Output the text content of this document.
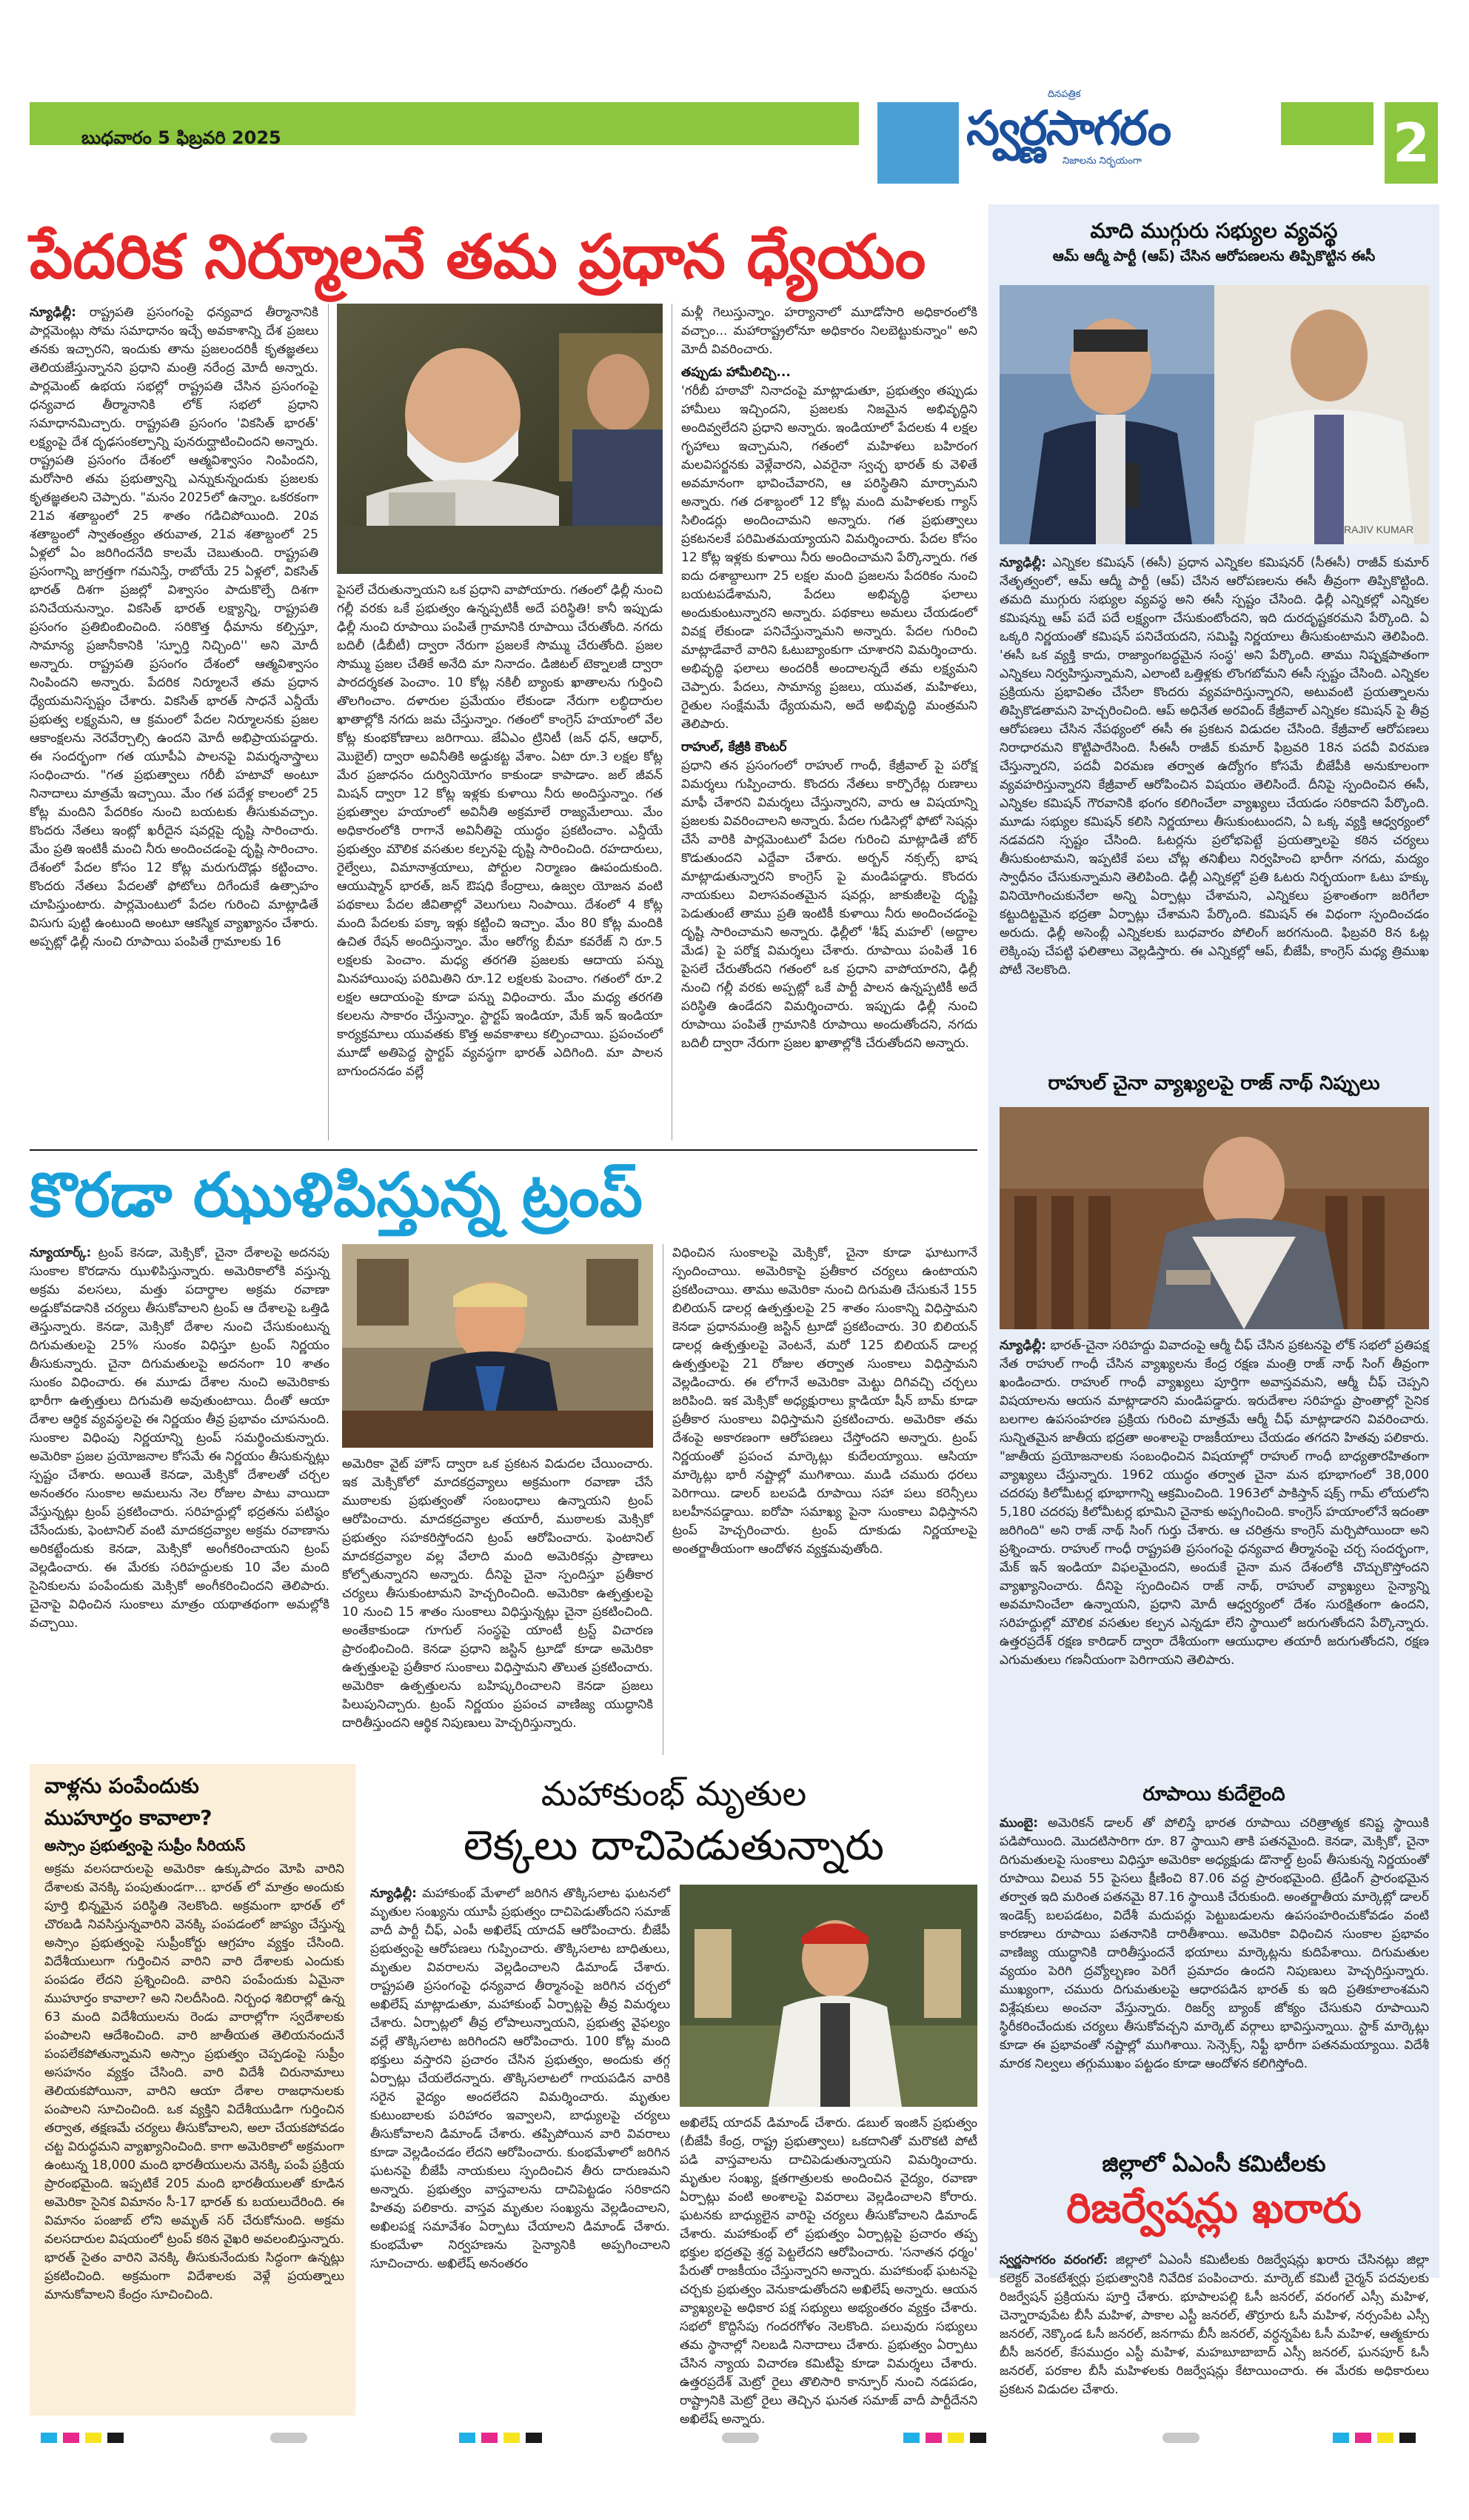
బుధవారం 5 ఫిబ్రవరి 2025
దినపత్రిక
స్వర్ణసాగరం
నిజాలను నిర్భయంగా	2
పేదరిక నిర్మూలనే తమ ప్రధాన ధ్యేయం
న్యూఢిల్లీ: రాష్ట్రపతి ప్రసంగంపై ధన్యవాద తీర్మానానికి పార్లమెంట్లు సోమ సమాధానం ఇచ్చే అవకాశాన్ని దేశ ప్రజలు తనకు ఇచ్చారని, ఇందుకు తాను ప్రజలందరికీ కృతజ్ఞతలు తెలియజేస్తున్నానని ప్రధాని మంత్రి నరేంద్ర మోదీ అన్నారు. పార్లమెంట్ ఉభయ సభల్లో రాష్ట్రపతి చేసిన ప్రసంగంపై ధన్యవాద తీర్మానానికి లోక్ సభలో ప్రధాని సమాధానమిచ్చారు. రాష్ట్రపతి ప్రసంగం 'వికసిత్ భారత్' లక్ష్యంపై దేశ దృఢసంకల్పాన్ని పునరుద్ఘాటించిందని అన్నారు. రాష్ట్రపతి ప్రసంగం దేశంలో ఆత్మవిశ్వాసం నింపిందని, మరోసారి తమ ప్రభుత్వాన్ని ఎన్నుకున్నందుకు ప్రజలకు కృతజ్ఞతలని చెప్పారు. "మనం 2025లో ఉన్నాం. ఒకరకంగా 21వ శతాబ్దంలో 25 శాతం గడిచిపోయింది. 20వ శతాబ్దంలో స్వాతంత్ర్యం తరువాత, 21వ శతాబ్దంలో 25 ఏళ్లలో ఏం జరిగిందనేది కాలమే చెబుతుంది. రాష్ట్రపతి ప్రసంగాన్ని జాగ్రత్తగా గమనిస్తే, రాబోయే 25 ఏళ్లలో, వికసిత్ భారత్ దిశగా ప్రజల్లో విశ్వాసం పాదుకొల్పే దిశగా పనిచేయనున్నాం. వికసిత్ భారత్ లక్ష్యాన్ని, రాష్ట్రపతి ప్రసంగం ప్రతిబింబించింది. సరికొత్త ధీమాను కల్పిస్తూ, సామాన్య ప్రజానీకానికి 'స్ఫూర్తి నిచ్చింది'' అని మోదీ అన్నారు. రాష్ట్రపతి ప్రసంగం దేశంలో ఆత్మవిశ్వాసం నింపిందని అన్నారు. పేదరిక నిర్మూలనే తమ ప్రధాన ధ్యేయమనిస్పష్టం చేశారు. వికసిత్ భారత్ సాధనే ఎన్డీయే ప్రభుత్వ లక్ష్యమని, ఆ క్రమంలో పేదల నిర్మూలనకు ప్రజల ఆకాంక్షలను నెరవేర్చాల్సి ఉందని మోదీ అభిప్రాయపడ్డారు. ఈ సందర్భంగా గత యూపీఏ పాలనపై విమర్శనాస్త్రాలు సంధించారు. "గత ప్రభుత్వాలు గరీబీ హటావో అంటూ నినాదాలు మాత్రమే ఇచ్చాయి. మేం గత పదేళ్ల కాలంలో 25 కోట్ల మందిని పేదరికం నుంచి బయటకు తీసుకువచ్చాం. కొందరు నేతలు ఇంట్లో ఖరీదైన షవర్లపై దృష్టి సారించారు. మేం ప్రతి ఇంటికీ మంచి నీరు అందించడంపై దృష్టి సారించాం. దేశంలో పేదల కోసం 12 కోట్ల మరుగుదొడ్లు కట్టించాం. కొందరు నేతలు పేదలతో ఫోటోలు దిగేందుకే ఉత్సాహం చూపిస్తుంటారు. పార్లమెంటులో పేదల గురించి మాట్లాడితే విసుగు పుట్టి ఉంటుంది అంటూ ఆకస్మిక వ్యాఖ్యానం చేశారు. అప్పట్లో ఢిల్లీ నుంచి రూపాయి పంపితే గ్రామాలకు 16
పైసలే చేరుతున్నాయని ఒక ప్రధాని వాపోయారు. గతంలో ఢిల్లీ నుంచి గల్లీ వరకు ఒకే ప్రభుత్వం ఉన్నప్పటికీ అదే పరిస్థితి! కానీ ఇప్పుడు ఢిల్లీ నుంచి రూపాయి పంపితే గ్రామానికి రూపాయి చేరుతోంది. నగదు బదిలీ (డీబీటీ) ద్వారా నేరుగా ప్రజలకే సొమ్ము చేరుతోంది. ప్రజల సొమ్ము ప్రజల చేతికే అనేది మా నినాదం. డిజిటల్ టెక్నాలజీ ద్వారా పారదర్శకత పెంచాం. 10 కోట్ల నకిలీ బ్యాంకు ఖాతాలను గుర్తించి తొలగించాం. దళారుల ప్రమేయం లేకుండా నేరుగా లబ్ధిదారుల ఖాతాల్లోకి నగదు జమ చేస్తున్నాం. గతంలో కాంగ్రెస్ హయాంలో వేల కోట్ల కుంభకోణాలు జరిగాయి. జేఏఎం ట్రినిటీ (జన్ ధన్, ఆధార్, మొబైల్) ద్వారా అవినీతికి అడ్డుకట్ట వేశాం. ఏటా రూ.3 లక్షల కోట్ల మేర ప్రజాధనం దుర్వినియోగం కాకుండా కాపాడాం. జల్ జీవన్ మిషన్ ద్వారా 12 కోట్ల ఇళ్లకు కుళాయి నీరు అందిస్తున్నాం. గత ప్రభుత్వాల హయాంలో అవినీతి అక్రమాలే రాజ్యమేలాయి. మేం అధికారంలోకి రాగానే అవినీతిపై యుద్ధం ప్రకటించాం. ఎన్డీయే ప్రభుత్వం మౌలిక వసతుల కల్పనపై దృష్టి సారించింది. రహదారులు, రైల్వేలు, విమానాశ్రయాలు, పోర్టుల నిర్మాణం ఊపందుకుంది. ఆయుష్మాన్ భారత్, జన్ ఔషధి కేంద్రాలు, ఉజ్వల యోజన వంటి పథకాలు పేదల జీవితాల్లో వెలుగులు నింపాయి. దేశంలో 4 కోట్ల మంది పేదలకు పక్కా ఇళ్లు కట్టించి ఇచ్చాం. మేం 80 కోట్ల మందికి ఉచిత రేషన్ అందిస్తున్నాం. మేం ఆరోగ్య బీమా కవరేజ్ ని రూ.5 లక్షలకు పెంచాం. మధ్య తరగతి ప్రజలకు ఆదాయ పన్ను మినహాయింపు పరిమితిని రూ.12 లక్షలకు పెంచాం. గతంలో రూ.2 లక్షల ఆదాయంపై కూడా పన్ను విధించారు. మేం మధ్య తరగతి కలలను సాకారం చేస్తున్నాం. స్టార్టప్ ఇండియా, మేక్ ఇన్ ఇండియా కార్యక్రమాలు యువతకు కొత్త అవకాశాలు కల్పించాయి. ప్రపంచంలో మూడో అతిపెద్ద స్టార్టప్ వ్యవస్థగా భారత్ ఎదిగింది. మా పాలన బాగుందనడం వల్లే
మళ్లీ గెలుస్తున్నాం. హర్యానాలో మూడోసారి అధికారంలోకి వచ్చాం... మహారాష్ట్రలోనూ అధికారం నిలబెట్టుకున్నాం" అని మోదీ వివరించారు.
తప్పుడు హామీలిచ్చి...
'గరీబీ హఠావో' నినాదంపై మాట్లాడుతూ, ప్రభుత్వం తప్పుడు హామీలు ఇచ్చిందని, ప్రజలకు నిజమైన అభివృద్ధిని అందివ్వలేదని ప్రధాని అన్నారు. ఇండియాలో పేదలకు 4 లక్షల గృహాలు ఇచ్చామని, గతంలో మహిళలు బహిరంగ మలవిసర్జనకు వెళ్లేవారని, ఎవరైనా స్వచ్ఛ భారత్ కు వెళితే అవమానంగా భావించేవారని, ఆ పరిస్థితిని మార్చామని అన్నారు. గత దశాబ్దంలో 12 కోట్ల మంది మహిళలకు గ్యాస్ సిలిండర్లు అందించామని అన్నారు. గత ప్రభుత్వాలు ప్రకటనలకే పరిమితమయ్యాయని విమర్శించారు. పేదల కోసం 12 కోట్ల ఇళ్లకు కుళాయి నీరు అందించామని పేర్కొన్నారు. గత ఐదు దశాబ్దాలుగా 25 లక్షల మంది ప్రజలను పేదరికం నుంచి బయటపడేశామని, పేదలు అభివృద్ధి ఫలాలు అందుకుంటున్నారని అన్నారు. పథకాలు అమలు చేయడంలో వివక్ష లేకుండా పనిచేస్తున్నామని అన్నారు. పేదల గురించి మాట్లాడేవారే వారిని ఓటుబ్యాంకుగా చూశారని విమర్శించారు. అభివృద్ధి ఫలాలు అందరికీ అందాలన్నదే తమ లక్ష్యమని చెప్పారు. పేదలు, సామాన్య ప్రజలు, యువత, మహిళలు, రైతుల సంక్షేమమే ధ్యేయమని, అదే అభివృద్ధి మంత్రమని తెలిపారు.
రాహుల్, కేజ్రీకి కౌంటర్
ప్రధాని తన ప్రసంగంలో రాహుల్ గాంధీ, కేజ్రీవాల్ పై పరోక్ష విమర్శలు గుప్పించారు. కొందరు నేతలు కార్పొరేట్ల రుణాలు మాఫీ చేశారని విమర్శలు చేస్తున్నారని, వారు ఆ విషయాన్ని ప్రజలకు వివరించాలని అన్నారు. పేదల గుడిసెల్లో ఫోటో సెషన్లు చేసే వారికి పార్లమెంటులో పేదల గురించి మాట్లాడితే బోర్ కొడుతుందని ఎద్దేవా చేశారు. అర్బన్ నక్సల్స్ భాష మాట్లాడుతున్నారని కాంగ్రెస్ పై మండిపడ్డారు. కొందరు నాయకులు విలాసవంతమైన షవర్లు, జాకుజీలపై దృష్టి పెడుతుంటే తాము ప్రతి ఇంటికీ కుళాయి నీరు అందించడంపై దృష్టి సారించామని అన్నారు. ఢిల్లీలో 'శీష్ మహల్' (అద్దాల మేడ) పై పరోక్ష విమర్శలు చేశారు. రూపాయి పంపితే 16 పైసలే చేరుతోందని గతంలో ఒక ప్రధాని వాపోయారని, ఢిల్లీ నుంచి గల్లీ వరకు అప్పట్లో ఒకే పార్టీ పాలన ఉన్నప్పటికీ అదే పరిస్థితి ఉండేదని విమర్శించారు. ఇప్పుడు ఢిల్లీ నుంచి రూపాయి పంపితే గ్రామానికి రూపాయి అందుతోందని, నగదు బదిలీ ద్వారా నేరుగా ప్రజల ఖాతాల్లోకి చేరుతోందని అన్నారు.
మాది ముగ్గురు సభ్యుల వ్యవస్థ
ఆమ్ ఆద్మీ పార్టీ (ఆప్) చేసిన ఆరోపణలను తిప్పికొట్టిన ఈసీ
RAJIV KUMAR
న్యూఢిల్లీ: ఎన్నికల కమిషన్ (ఈసీ) ప్రధాన ఎన్నికల కమిషనర్ (సీఈసీ) రాజీవ్ కుమార్ నేతృత్వంలో, ఆమ్ ఆద్మీ పార్టీ (ఆప్) చేసిన ఆరోపణలను ఈసీ తీవ్రంగా తిప్పికొట్టింది. తమది ముగ్గురు సభ్యుల వ్యవస్థ అని ఈసీ స్పష్టం చేసింది. ఢిల్లీ ఎన్నికల్లో ఎన్నికల కమిషన్ను ఆప్ పదే పదే లక్ష్యంగా చేసుకుంటోందని, ఇది దురదృష్టకరమని పేర్కొంది. ఏ ఒక్కరి నిర్ణయంతో కమిషన్ పనిచేయదని, సమిష్టి నిర్ణయాలు తీసుకుంటామని తెలిపింది. 'ఈసీ ఒక వ్యక్తి కాదు, రాజ్యాంగబద్ధమైన సంస్థ' అని పేర్కొంది. తాము నిష్పక్షపాతంగా ఎన్నికలు నిర్వహిస్తున్నామని, ఎలాంటి ఒత్తిళ్లకు లొంగబోమని ఈసీ స్పష్టం చేసింది. ఎన్నికల ప్రక్రియను ప్రభావితం చేసేలా కొందరు వ్యవహరిస్తున్నారని, అటువంటి ప్రయత్నాలను తిప్పికొడతామని హెచ్చరించింది. ఆప్ అధినేత అరవింద్ కేజ్రీవాల్ ఎన్నికల కమిషన్ పై తీవ్ర ఆరోపణలు చేసిన నేపథ్యంలో ఈసీ ఈ ప్రకటన విడుదల చేసింది. కేజ్రీవాల్ ఆరోపణలు నిరాధారమని కొట్టిపారేసింది. సీఈసీ రాజీవ్ కుమార్ ఫిబ్రవరి 18న పదవీ విరమణ చేస్తున్నారని, పదవీ విరమణ తర్వాత ఉద్యోగం కోసమే బీజేపీకి అనుకూలంగా వ్యవహరిస్తున్నారని కేజ్రీవాల్ ఆరోపించిన విషయం తెలిసిందే. దీనిపై స్పందించిన ఈసీ, ఎన్నికల కమిషన్ గౌరవానికి భంగం కలిగించేలా వ్యాఖ్యలు చేయడం సరికాదని పేర్కొంది. మూడు సభ్యుల కమిషన్ కలిసి నిర్ణయాలు తీసుకుంటుందని, ఏ ఒక్క వ్యక్తి ఆధ్వర్యంలో నడవదని స్పష్టం చేసింది. ఓటర్లను ప్రలోభపెట్టే ప్రయత్నాలపై కఠిన చర్యలు తీసుకుంటామని, ఇప్పటికే పలు చోట్ల తనిఖీలు నిర్వహించి భారీగా నగదు, మద్యం స్వాధీనం చేసుకున్నామని తెలిపింది. ఢిల్లీ ఎన్నికల్లో ప్రతి ఓటరు నిర్భయంగా ఓటు హక్కు వినియోగించుకునేలా అన్ని ఏర్పాట్లు చేశామని, ఎన్నికలు ప్రశాంతంగా జరిగేలా కట్టుదిట్టమైన భద్రతా ఏర్పాట్లు చేశామని పేర్కొంది. కమిషన్ ఈ విధంగా స్పందించడం అరుదు. ఢిల్లీ అసెంబ్లీ ఎన్నికలకు బుధవారం పోలింగ్ జరగనుంది. ఫిబ్రవరి 8న ఓట్ల లెక్కింపు చేపట్టి ఫలితాలు వెల్లడిస్తారు. ఈ ఎన్నికల్లో ఆప్, బీజేపీ, కాంగ్రెస్ మధ్య త్రిముఖ పోటీ నెలకొంది.
రాహుల్ చైనా వ్యాఖ్యలపై రాజ్ నాథ్ నిప్పులు
న్యూఢిల్లీ: భారత్-చైనా సరిహద్దు వివాదంపై ఆర్మీ చీఫ్ చేసిన ప్రకటనపై లోక్ సభలో ప్రతిపక్ష నేత రాహుల్ గాంధీ చేసిన వ్యాఖ్యలను కేంద్ర రక్షణ మంత్రి రాజ్ నాథ్ సింగ్ తీవ్రంగా ఖండించారు. రాహుల్ గాంధీ వ్యాఖ్యలు పూర్తిగా అవాస్తవమని, ఆర్మీ చీఫ్ చెప్పని విషయాలను ఆయన మాట్లాడారని మండిపడ్డారు. ఇరుదేశాల సరిహద్దు ప్రాంతాల్లో సైనిక బలగాల ఉపసంహరణ ప్రక్రియ గురించి మాత్రమే ఆర్మీ చీఫ్ మాట్లాడారని వివరించారు. సున్నితమైన జాతీయ భద్రతా అంశాలపై రాజకీయాలు చేయడం తగదని హితవు పలికారు. "జాతీయ ప్రయోజనాలకు సంబంధించిన విషయాల్లో రాహుల్ గాంధీ బాధ్యతారహితంగా వ్యాఖ్యలు చేస్తున్నారు. 1962 యుద్ధం తర్వాత చైనా మన భూభాగంలో 38,000 చదరపు కిలోమీటర్ల భూభాగాన్ని ఆక్రమించింది. 1963లో పాకిస్తాన్ షక్స్ గామ్ లోయలోని 5,180 చదరపు కిలోమీటర్ల భూమిని చైనాకు అప్పగించింది. కాంగ్రెస్ హయాంలోనే ఇదంతా జరిగింది" అని రాజ్ నాథ్ సింగ్ గుర్తు చేశారు. ఆ చరిత్రను కాంగ్రెస్ మర్చిపోయిందా అని ప్రశ్నించారు. రాహుల్ గాంధీ రాష్ట్రపతి ప్రసంగంపై ధన్యవాద తీర్మానంపై చర్చ సందర్భంగా, మేక్ ఇన్ ఇండియా విఫలమైందని, అందుకే చైనా మన దేశంలోకి చొచ్చుకొస్తోందని వ్యాఖ్యానించారు. దీనిపై స్పందించిన రాజ్ నాథ్, రాహుల్ వ్యాఖ్యలు సైన్యాన్ని అవమానించేలా ఉన్నాయని, ప్రధాని మోదీ ఆధ్వర్యంలో దేశం సురక్షితంగా ఉందని, సరిహద్దుల్లో మౌలిక వసతుల కల్పన ఎన్నడూ లేని స్థాయిలో జరుగుతోందని పేర్కొన్నారు. ఉత్తరప్రదేశ్ రక్షణ కారిడార్ ద్వారా దేశీయంగా ఆయుధాల తయారీ జరుగుతోందని, రక్షణ ఎగుమతులు గణనీయంగా పెరిగాయని తెలిపారు.
రూపాయి కుదేలైంది
ముంబై: అమెరికన్ డాలర్ తో పోలిస్తే భారత రూపాయి చరిత్రాత్మక కనిష్ట స్థాయికి పడిపోయింది. మొదటిసారిగా రూ. 87 స్థాయిని తాకి పతనమైంది. కెనడా, మెక్సికో, చైనా దిగుమతులపై సుంకాలు విధిస్తూ అమెరికా అధ్యక్షుడు డొనాల్డ్ ట్రంప్ తీసుకున్న నిర్ణయంతో రూపాయి విలువ 55 పైసలు క్షీణించి 87.06 వద్ద ప్రారంభమైంది. ట్రేడింగ్ ప్రారంభమైన తర్వాత ఇది మరింత పతనమై 87.16 స్థాయికి చేరుకుంది. అంతర్జాతీయ మార్కెట్లో డాలర్ ఇండెక్స్ బలపడటం, విదేశీ మదుపర్లు పెట్టుబడులను ఉపసంహరించుకోవడం వంటి కారణాలు రూపాయి పతనానికి దారితీశాయి. అమెరికా విధించిన సుంకాల ప్రభావం వాణిజ్య యుద్ధానికి దారితీస్తుందనే భయాలు మార్కెట్లను కుదిపేశాయి. దిగుమతుల వ్యయం పెరిగి ద్రవ్యోల్బణం పెరిగే ప్రమాదం ఉందని నిపుణులు హెచ్చరిస్తున్నారు. ముఖ్యంగా, చమురు దిగుమతులపై ఆధారపడిన భారత్ కు ఇది ప్రతికూలాంశమని విశ్లేషకులు అంచనా వేస్తున్నారు. రిజర్వ్ బ్యాంక్ జోక్యం చేసుకుని రూపాయిని స్థిరీకరించేందుకు చర్యలు తీసుకోవచ్చని మార్కెట్ వర్గాలు భావిస్తున్నాయి. స్టాక్ మార్కెట్లు కూడా ఈ ప్రభావంతో నష్టాల్లో ముగిశాయి. సెన్సెక్స్, నిఫ్టీ భారీగా పతనమయ్యాయి. విదేశీ మారక నిల్వలు తగ్గుముఖం పట్టడం కూడా ఆందోళన కలిగిస్తోంది.
జిల్లాలో ఏఎంసీ కమిటీలకు
రిజర్వేషన్లు ఖరారు
స్వర్ణసాగరం వరంగల్: జిల్లాలో ఏఎంసీ కమిటీలకు రిజర్వేషన్లు ఖరారు చేసినట్లు జిల్లా కలెక్టర్ వెంకటేశ్వర్లు ప్రభుత్వానికి నివేదిక పంపించారు. మార్కెట్ కమిటీ చైర్మన్ పదవులకు రిజర్వేషన్ ప్రక్రియను పూర్తి చేశారు. భూపాలపల్లి ఓసీ జనరల్, వరంగల్ ఎస్సీ మహిళ, చెన్నారావుపేట బీసీ మహిళ, పాకాల ఎస్టీ జనరల్, తొర్రూరు ఓసీ మహిళ, నర్సంపేట ఎస్సీ జనరల్, నెక్కొండ ఓసీ జనరల్, జనగామ బీసీ జనరల్, వర్ధన్నపేట ఓసీ మహిళ, ఆత్మకూరు బీసీ జనరల్, కేసముద్రం ఎస్టీ మహిళ, మహబూబాబాద్ ఎస్సీ జనరల్, ఘనపూర్ ఓసీ జనరల్, పరకాల బీసీ మహిళలకు రిజర్వేషన్లు కేటాయించారు. ఈ మేరకు అధికారులు ప్రకటన విడుదల చేశారు.
కొరడా ఝుళిపిస్తున్న ట్రంప్
న్యూయార్క్: ట్రంప్ కెనడా, మెక్సికో, చైనా దేశాలపై అదనపు సుంకాల కొరడాను ఝుళిపిస్తున్నారు. అమెరికాలోకి వస్తున్న అక్రమ వలసలు, మత్తు పదార్థాల అక్రమ రవాణా అడ్డుకోవడానికి చర్యలు తీసుకోవాలని ట్రంప్ ఆ దేశాలపై ఒత్తిడి తెస్తున్నారు. కెనడా, మెక్సికో దేశాల నుంచి చేసుకుంటున్న దిగుమతులపై 25% సుంకం విధిస్తూ ట్రంప్ నిర్ణయం తీసుకున్నారు. చైనా దిగుమతులపై అదనంగా 10 శాతం సుంకం విధించారు. ఈ మూడు దేశాల నుంచి అమెరికాకు భారీగా ఉత్పత్తులు దిగుమతి అవుతుంటాయి. దీంతో ఆయా దేశాల ఆర్థిక వ్యవస్థలపై ఈ నిర్ణయం తీవ్ర ప్రభావం చూపనుంది. సుంకాల విధింపు నిర్ణయాన్ని ట్రంప్ సమర్థించుకున్నారు. అమెరికా ప్రజల ప్రయోజనాల కోసమే ఈ నిర్ణయం తీసుకున్నట్లు స్పష్టం చేశారు. అయితే కెనడా, మెక్సికో దేశాలతో చర్చల అనంతరం సుంకాల అమలును నెల రోజుల పాటు వాయిదా వేస్తున్నట్లు ట్రంప్ ప్రకటించారు. సరిహద్దుల్లో భద్రతను పటిష్ఠం చేసేందుకు, ఫెంటానిల్ వంటి మాదకద్రవ్యాల అక్రమ రవాణాను అరికట్టేందుకు కెనడా, మెక్సికో అంగీకరించాయని ట్రంప్ వెల్లడించారు. ఈ మేరకు సరిహద్దులకు 10 వేల మంది సైనికులను పంపేందుకు మెక్సికో అంగీకరించిందని తెలిపారు. చైనాపై విధించిన సుంకాలు మాత్రం యథాతథంగా అమల్లోకి వచ్చాయి.
అమెరికా వైట్ హౌస్ ద్వారా ఒక ప్రకటన విడుదల చేయించారు. ఇక మెక్సికోలో మాదకద్రవ్యాలు అక్రమంగా రవాణా చేసే ముఠాలకు ప్రభుత్వంతో సంబంధాలు ఉన్నాయని ట్రంప్ ఆరోపించారు. మాదకద్రవ్యాల తయారీ, ముఠాలకు మెక్సికో ప్రభుత్వం సహకరిస్తోందని ట్రంప్ ఆరోపించారు. ఫెంటానిల్ మాదకద్రవ్యాల వల్ల వేలాది మంది అమెరికన్లు ప్రాణాలు కోల్పోతున్నారని అన్నారు. దీనిపై చైనా స్పందిస్తూ ప్రతీకార చర్యలు తీసుకుంటామని హెచ్చరించింది. అమెరికా ఉత్పత్తులపై 10 నుంచి 15 శాతం సుంకాలు విధిస్తున్నట్లు చైనా ప్రకటించింది. అంతేకాకుండా గూగుల్ సంస్థపై యాంటీ ట్రస్ట్ విచారణ ప్రారంభించింది. కెనడా ప్రధాని జస్టిన్ ట్రూడో కూడా అమెరికా ఉత్పత్తులపై ప్రతీకార సుంకాలు విధిస్తామని తొలుత ప్రకటించారు. అమెరికా ఉత్పత్తులను బహిష్కరించాలని కెనడా ప్రజలు పిలుపునిచ్చారు. ట్రంప్ నిర్ణయం ప్రపంచ వాణిజ్య యుద్ధానికి దారితీస్తుందని ఆర్థిక నిపుణులు హెచ్చరిస్తున్నారు.
విధించిన సుంకాలపై మెక్సికో, చైనా కూడా ఘాటుగానే స్పందించాయి. అమెరికాపై ప్రతీకార చర్యలు ఉంటాయని ప్రకటించాయి. తాము అమెరికా నుంచి దిగుమతి చేసుకునే 155 బిలియన్ డాలర్ల ఉత్పత్తులపై 25 శాతం సుంకాన్ని విధిస్తామని కెనడా ప్రధానమంత్రి జస్టిన్ ట్రూడో ప్రకటించారు. 30 బిలియన్ డాలర్ల ఉత్పత్తులపై వెంటనే, మరో 125 బిలియన్ డాలర్ల ఉత్పత్తులపై 21 రోజుల తర్వాత సుంకాలు విధిస్తామని వెల్లడించారు. ఈ లోగానే అమెరికా మెట్టు దిగివచ్చి చర్చలు జరిపింది. ఇక మెక్సికో అధ్యక్షురాలు క్లాడియా షీన్ బామ్ కూడా ప్రతీకార సుంకాలు విధిస్తామని ప్రకటించారు. అమెరికా తమ దేశంపై అకారణంగా ఆరోపణలు చేస్తోందని అన్నారు. ట్రంప్ నిర్ణయంతో ప్రపంచ మార్కెట్లు కుదేలయ్యాయి. ఆసియా మార్కెట్లు భారీ నష్టాల్లో ముగిశాయి. ముడి చమురు ధరలు పెరిగాయి. డాలర్ బలపడి రూపాయి సహా పలు కరెన్సీలు బలహీనపడ్డాయి. ఐరోపా సమాఖ్య పైనా సుంకాలు విధిస్తానని ట్రంప్ హెచ్చరించారు. ట్రంప్ దూకుడు నిర్ణయాలపై అంతర్జాతీయంగా ఆందోళన వ్యక్తమవుతోంది.
వాళ్లను పంపేందుకు
ముహూర్తం కావాలా?
అస్సాం ప్రభుత్వంపై సుప్రీం సీరియస్
అక్రమ వలసదారులపై అమెరికా ఉక్కుపాదం మోపి వారిని దేశాలకు వెనక్కి పంపుతుండగా... భారత్ లో మాత్రం అందుకు పూర్తి భిన్నమైన పరిస్థితి నెలకొంది. అక్రమంగా భారత్ లో చొరబడి నివసిస్తున్నవారిని వెనక్కి పంపడంలో జాప్యం చేస్తున్న అస్సాం ప్రభుత్వంపై సుప్రీంకోర్టు ఆగ్రహం వ్యక్తం చేసింది. విదేశీయులుగా గుర్తించిన వారిని వారి దేశాలకు ఎందుకు పంపడం లేదని ప్రశ్నించింది. వారిని పంపేందుకు ఏమైనా ముహూర్తం కావాలా? అని నిలదీసింది. నిర్బంధ శిబిరాల్లో ఉన్న 63 మంది విదేశీయులను రెండు వారాల్లోగా స్వదేశాలకు పంపాలని ఆదేశించింది. వారి జాతీయత తెలియనందునే పంపలేకపోతున్నామని అస్సాం ప్రభుత్వం చెప్పడంపై సుప్రీం అసహనం వ్యక్తం చేసింది. వారి విదేశీ చిరునామాలు తెలియకపోయినా, వారిని ఆయా దేశాల రాజధానులకు పంపాలని సూచించింది. ఒక వ్యక్తిని విదేశీయుడిగా గుర్తించిన తర్వాత, తక్షణమే చర్యలు తీసుకోవాలని, అలా చేయకపోవడం చట్ట విరుద్ధమని వ్యాఖ్యానించింది. కాగా అమెరికాలో అక్రమంగా ఉంటున్న 18,000 మంది భారతీయులను వెనక్కి పంపే ప్రక్రియ ప్రారంభమైంది. ఇప్పటికే 205 మంది భారతీయులతో కూడిన అమెరికా సైనిక విమానం సీ-17 భారత్ కు బయలుదేరింది. ఈ విమానం పంజాబ్ లోని అమృత్ సర్ చేరుకోనుంది. అక్రమ వలసదారుల విషయంలో ట్రంప్ కఠిన వైఖరి అవలంబిస్తున్నారు. భారత్ సైతం వారిని వెనక్కి తీసుకునేందుకు సిద్ధంగా ఉన్నట్లు ప్రకటించింది. అక్రమంగా విదేశాలకు వెళ్లే ప్రయత్నాలు మానుకోవాలని కేంద్రం సూచించింది.
మహాకుంభ్ మృతుల
లెక్కలు దాచిపెడుతున్నారు
న్యూఢిల్లీ: మహాకుంభ్ మేళాలో జరిగిన తొక్కిసలాట ఘటనలో మృతుల సంఖ్యను యూపీ ప్రభుత్వం దాచిపెడుతోందని సమాజ్ వాదీ పార్టీ చీఫ్, ఎంపీ అఖిలేష్ యాదవ్ ఆరోపించారు. బీజేపీ ప్రభుత్వంపై ఆరోపణలు గుప్పించారు. తొక్కిసలాట బాధితులు, మృతుల వివరాలను వెల్లడించాలని డిమాండ్ చేశారు. రాష్ట్రపతి ప్రసంగంపై ధన్యవాద తీర్మానంపై జరిగిన చర్చలో అఖిలేష్ మాట్లాడుతూ, మహాకుంభ్ ఏర్పాట్లపై తీవ్ర విమర్శలు చేశారు. ఏర్పాట్లలో తీవ్ర లోపాలున్నాయని, ప్రభుత్వ వైఫల్యం వల్లే తొక్కిసలాట జరిగిందని ఆరోపించారు. 100 కోట్ల మంది భక్తులు వస్తారని ప్రచారం చేసిన ప్రభుత్వం, అందుకు తగ్గ ఏర్పాట్లు చేయలేదన్నారు. తొక్కిసలాటలో గాయపడిన వారికి సరైన వైద్యం అందలేదని విమర్శించారు. మృతుల కుటుంబాలకు పరిహారం ఇవ్వాలని, బాధ్యులపై చర్యలు తీసుకోవాలని డిమాండ్ చేశారు. తప్పిపోయిన వారి వివరాలు కూడా వెల్లడించడం లేదని ఆరోపించారు. కుంభమేళాలో జరిగిన ఘటనపై బీజేపీ నాయకులు స్పందించిన తీరు దారుణమని అన్నారు. ప్రభుత్వం వాస్తవాలను దాచిపెట్టడం సరికాదని హితవు పలికారు. వాస్తవ మృతుల సంఖ్యను వెల్లడించాలని, అఖిలపక్ష సమావేశం ఏర్పాటు చేయాలని డిమాండ్ చేశారు. కుంభమేళా నిర్వహణను సైన్యానికి అప్పగించాలని సూచించారు. అఖిలేష్ అనంతరం
అఖిలేష్ యాదవ్ డిమాండ్ చేశారు. డబుల్ ఇంజిన్ ప్రభుత్వం (బీజేపీ కేంద్ర, రాష్ట్ర ప్రభుత్వాలు) ఒకదానితో మరొకటి పోటీ పడి వాస్తవాలను దాచిపెడుతున్నాయని విమర్శించారు. మృతుల సంఖ్య, క్షతగాత్రులకు అందించిన వైద్యం, రవాణా ఏర్పాట్లు వంటి అంశాలపై వివరాలు వెల్లడించాలని కోరారు. ఘటనకు బాధ్యులైన వారిపై చర్యలు తీసుకోవాలని డిమాండ్ చేశారు. మహాకుంభ్ లో ప్రభుత్వం ఏర్పాట్లపై ప్రచారం తప్ప భక్తుల భద్రతపై శ్రద్ధ పెట్టలేదని ఆరోపించారు. 'సనాతన ధర్మం' పేరుతో రాజకీయం చేస్తున్నారని అన్నారు. మహాకుంభ్ ఘటనపై చర్చకు ప్రభుత్వం వెనుకాడుతోందని అఖిలేష్ అన్నారు. ఆయన వ్యాఖ్యలపై అధికార పక్ష సభ్యులు అభ్యంతరం వ్యక్తం చేశారు. సభలో కొద్దిసేపు గందరగోళం నెలకొంది. పలువురు సభ్యులు తమ స్థానాల్లో నిలబడి నినాదాలు చేశారు. ప్రభుత్వం ఏర్పాటు చేసిన న్యాయ విచారణ కమిటీపై కూడా విమర్శలు చేశారు. ఉత్తరప్రదేశ్ మెట్రో రైలు తొలిసారి కాన్పూర్ నుంచి నడపడం, రాష్ట్రానికి మెట్రో రైలు తెచ్చిన ఘనత సమాజ్ వాదీ పార్టీదేనని అఖిలేష్ అన్నారు.
